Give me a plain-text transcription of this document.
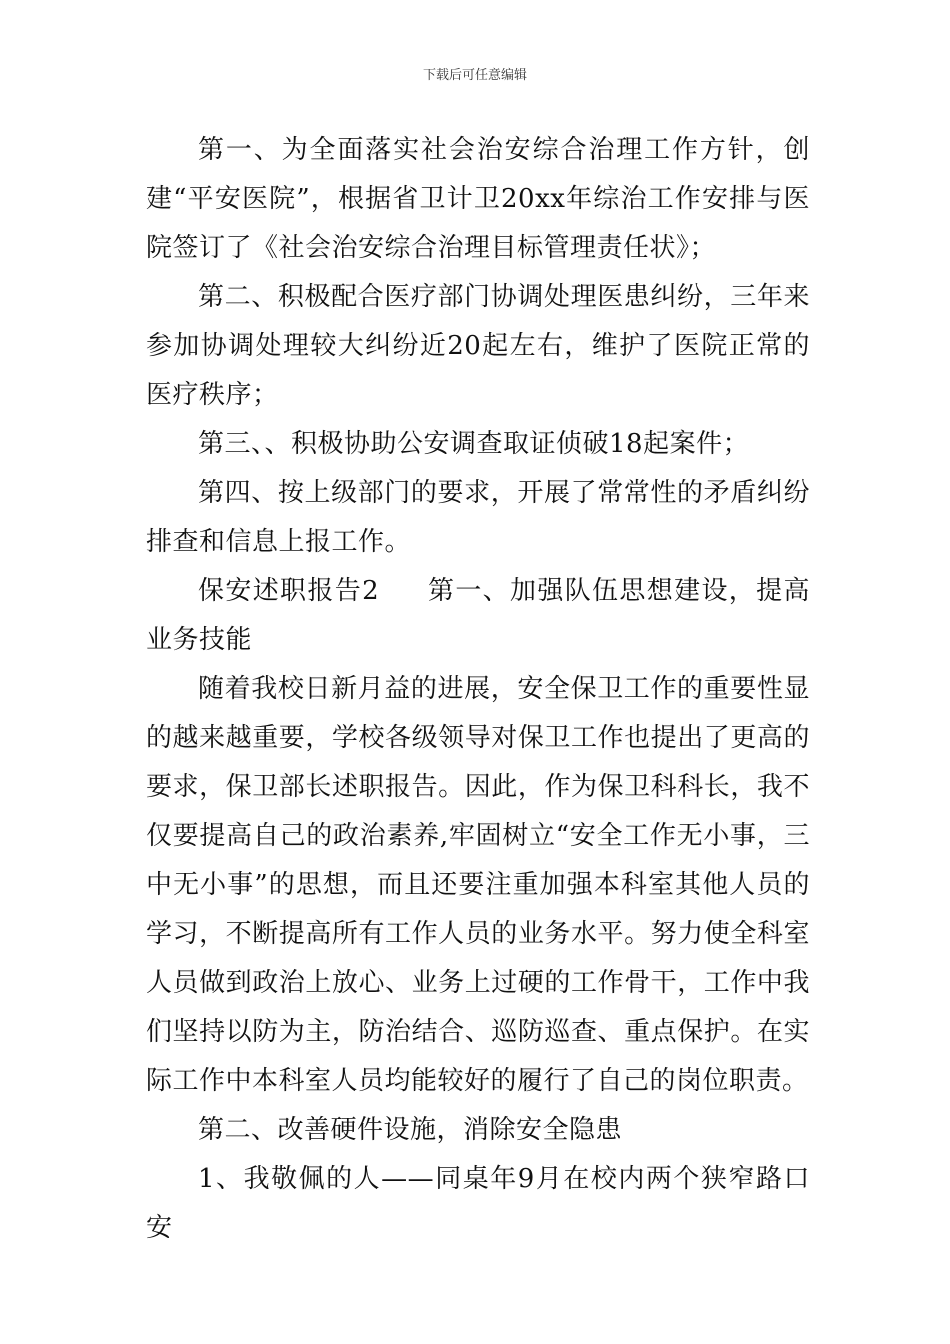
下载后可任意编辑

第一、为全面落实社会治安综合治理工作方针，创建“平安医院”，根据省卫计卫20xx年综治工作安排与医院签订了《社会治安综合治理目标管理责任状》；

第二、积极配合医疗部门协调处理医患纠纷，三年来参加协调处理较大纠纷近20起左右，维护了医院正常的医疗秩序；

第三、、积极协助公安调查取证侦破18起案件；

第四、按上级部门的要求，开展了常常性的矛盾纠纷排查和信息上报工作。

保安述职报告2 第一、加强队伍思想建设，提高业务技能

随着我校日新月益的进展，安全保卫工作的重要性显的越来越重要，学校各级领导对保卫工作也提出了更高的要求，保卫部长述职报告。因此，作为保卫科科长，我不仅要提高自己的政治素养,牢固树立“安全工作无小事，三中无小事”的思想，而且还要注重加强本科室其他人员的学习，不断提高所有工作人员的业务水平。努力使全科室人员做到政治上放心、业务上过硬的工作骨干，工作中我们坚持以防为主，防治结合、巡防巡查、重点保护。在实际工作中本科室人员均能较好的履行了自己的岗位职责。

第二、改善硬件设施，消除安全隐患

1、我敬佩的人——同桌年9月在校内两个狭窄路口安
